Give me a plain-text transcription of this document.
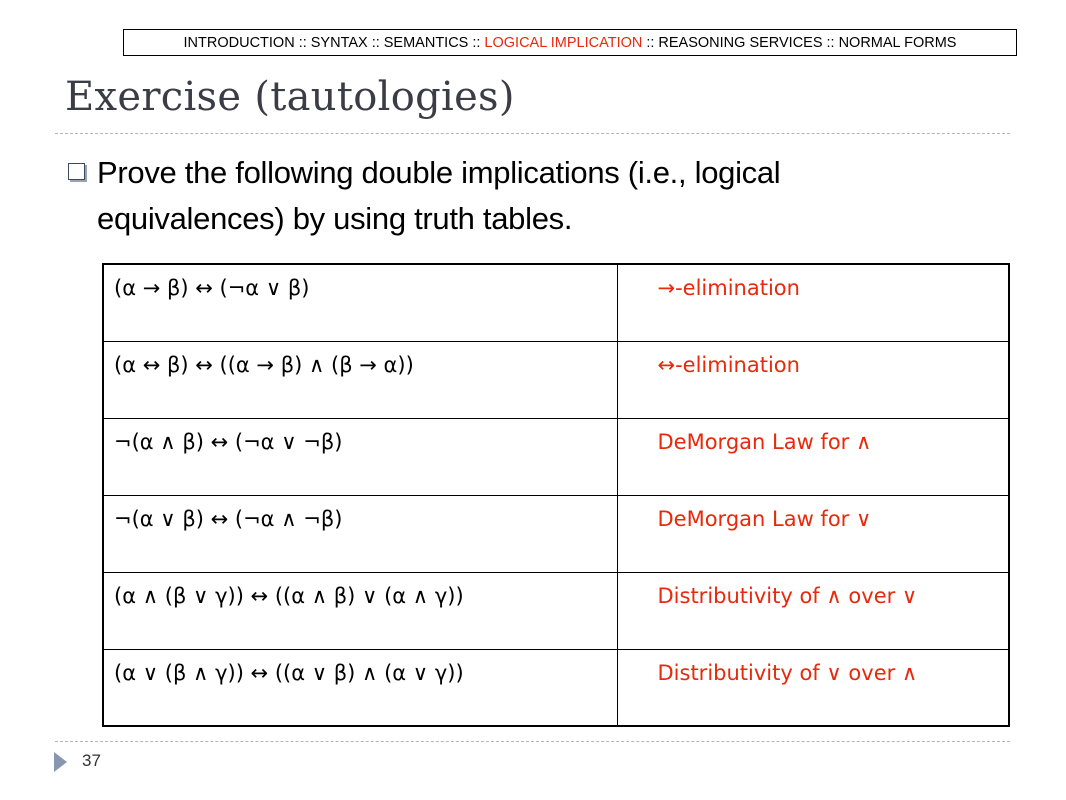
INTRODUCTION :: SYNTAX :: SEMANTICS :: LOGICAL IMPLICATION :: REASONING SERVICES :: NORMAL FORMS
Exercise (tautologies)
Prove the following double implications (i.e., logical equivalences) by using truth tables.
(α → β) ↔ (¬α ∨ β)	→-elimination
(α ↔ β) ↔ ((α → β) ∧ (β → α))	↔-elimination
¬(α ∧ β) ↔ (¬α ∨ ¬β)	DeMorgan Law for ∧
¬(α ∨ β) ↔ (¬α ∧ ¬β)	DeMorgan Law for ∨
(α ∧ (β ∨ γ)) ↔ ((α ∧ β) ∨ (α ∧ γ))	Distributivity of ∧ over ∨
(α ∨ (β ∧ γ)) ↔ ((α ∨ β) ∧ (α ∨ γ))	Distributivity of ∨ over ∧
37
